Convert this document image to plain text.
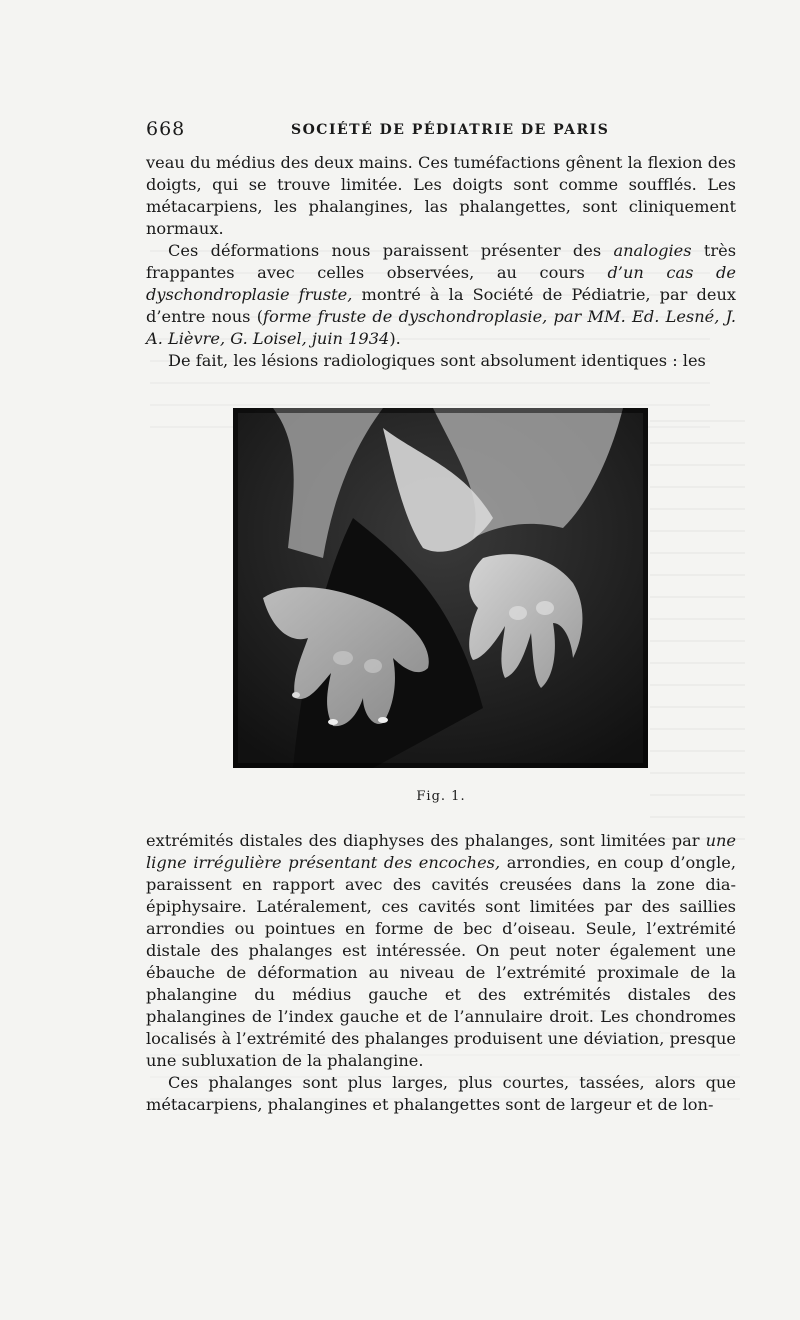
668	SOCIÉTÉ DE PÉDIATRIE DE PARIS

veau du médius des deux mains. Ces tuméfactions gênent la flexion des doigts, qui se trouve limitée. Les doigts sont comme soufflés. Les métacarpiens, les phalangines, las phalangettes, sont cliniquement normaux.

Ces déformations nous paraissent présenter des analogies très frappantes avec celles observées, au cours d’un cas de dyschondroplasie fruste, montré à la Société de Pédiatrie, par deux d’entre nous (forme fruste de dyschondroplasie, par MM. Ed. Lesné, J. A. Lièvre, G. Loisel, juin 1934).

De fait, les lésions radiologiques sont absolument identiques : les

Fig. 1.

extrémités distales des diaphyses des phalanges, sont limitées par une ligne irrégulière présentant des encoches, arrondies, en coup d’ongle, paraissent en rapport avec des cavités creusées dans la zone dia-épiphysaire. Latéralement, ces cavités sont limitées par des saillies arrondies ou pointues en forme de bec d’oiseau. Seule, l’extrémité distale des phalanges est intéressée. On peut noter également une ébauche de déformation au niveau de l’extrémité proximale de la phalangine du médius gauche et des extrémités distales des phalangines de l’index gauche et de l’annulaire droit. Les chondromes localisés à l’extrémité des phalanges produisent une déviation, presque une subluxation de la phalangine.

Ces phalanges sont plus larges, plus courtes, tassées, alors que métacarpiens, phalangines et phalangettes sont de largeur et de lon-
